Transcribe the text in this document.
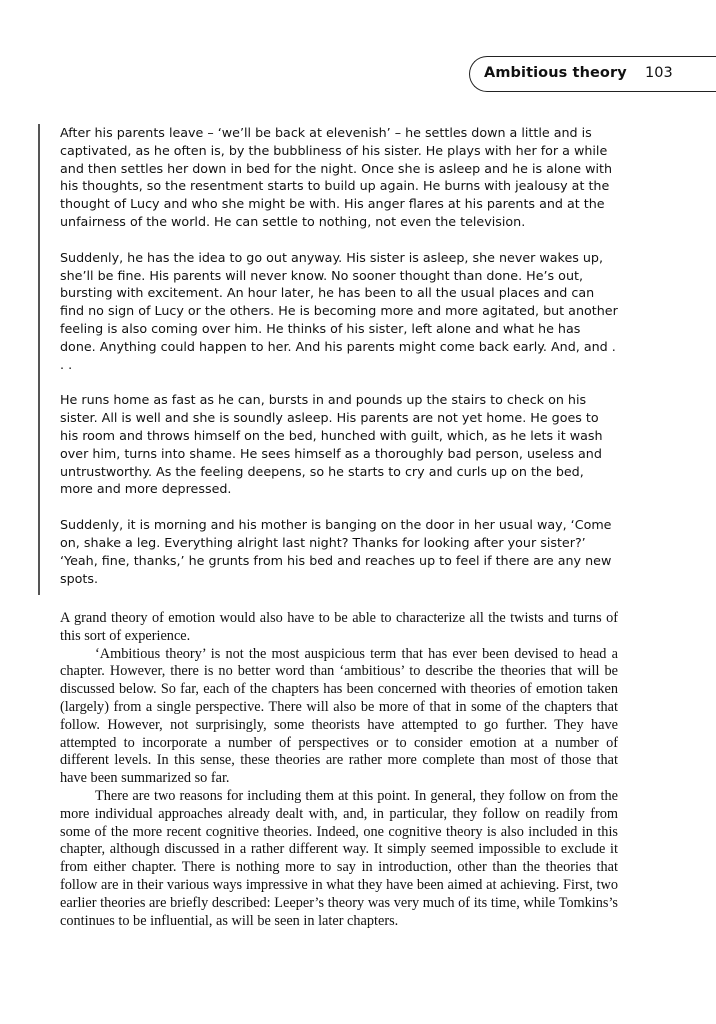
Ambitious theory 103

After his parents leave – ‘we’ll be back at elevenish’ – he settles down a little and is captivated, as he often is, by the bubbliness of his sister. He plays with her for a while and then settles her down in bed for the night. Once she is asleep and he is alone with his thoughts, so the resentment starts to build up again. He burns with jealousy at the thought of Lucy and who she might be with. His anger flares at his parents and at the unfairness of the world. He can settle to nothing, not even the television.

Suddenly, he has the idea to go out anyway. His sister is asleep, she never wakes up, she’ll be fine. His parents will never know. No sooner thought than done. He’s out, bursting with excitement. An hour later, he has been to all the usual places and can find no sign of Lucy or the others. He is becoming more and more agitated, but another feeling is also coming over him. He thinks of his sister, left alone and what he has done. Anything could happen to her. And his parents might come back early. And, and . . .

He runs home as fast as he can, bursts in and pounds up the stairs to check on his sister. All is well and she is soundly asleep. His parents are not yet home. He goes to his room and throws himself on the bed, hunched with guilt, which, as he lets it wash over him, turns into shame. He sees himself as a thoroughly bad person, useless and untrustworthy. As the feeling deepens, so he starts to cry and curls up on the bed, more and more depressed.

Suddenly, it is morning and his mother is banging on the door in her usual way, ‘Come on, shake a leg. Everything alright last night? Thanks for looking after your sister?’ ‘Yeah, fine, thanks,’ he grunts from his bed and reaches up to feel if there are any new spots.

A grand theory of emotion would also have to be able to characterize all the twists and turns of this sort of experience.

‘Ambitious theory’ is not the most auspicious term that has ever been devised to head a chapter. However, there is no better word than ‘ambitious’ to describe the theories that will be discussed below. So far, each of the chapters has been concerned with theories of emotion taken (largely) from a single perspective. There will also be more of that in some of the chapters that follow. However, not surprisingly, some theorists have attempted to go further. They have attempted to incorporate a number of perspectives or to consider emotion at a number of different levels. In this sense, these theories are rather more complete than most of those that have been summarized so far.

There are two reasons for including them at this point. In general, they follow on from the more individual approaches already dealt with, and, in particular, they follow on readily from some of the more recent cognitive theories. Indeed, one cognitive theory is also included in this chapter, although discussed in a rather different way. It simply seemed impossible to exclude it from either chapter. There is nothing more to say in introduction, other than the theories that follow are in their various ways impressive in what they have been aimed at achieving. First, two earlier theories are briefly described: Leeper’s theory was very much of its time, while Tomkins’s continues to be influential, as will be seen in later chapters.
